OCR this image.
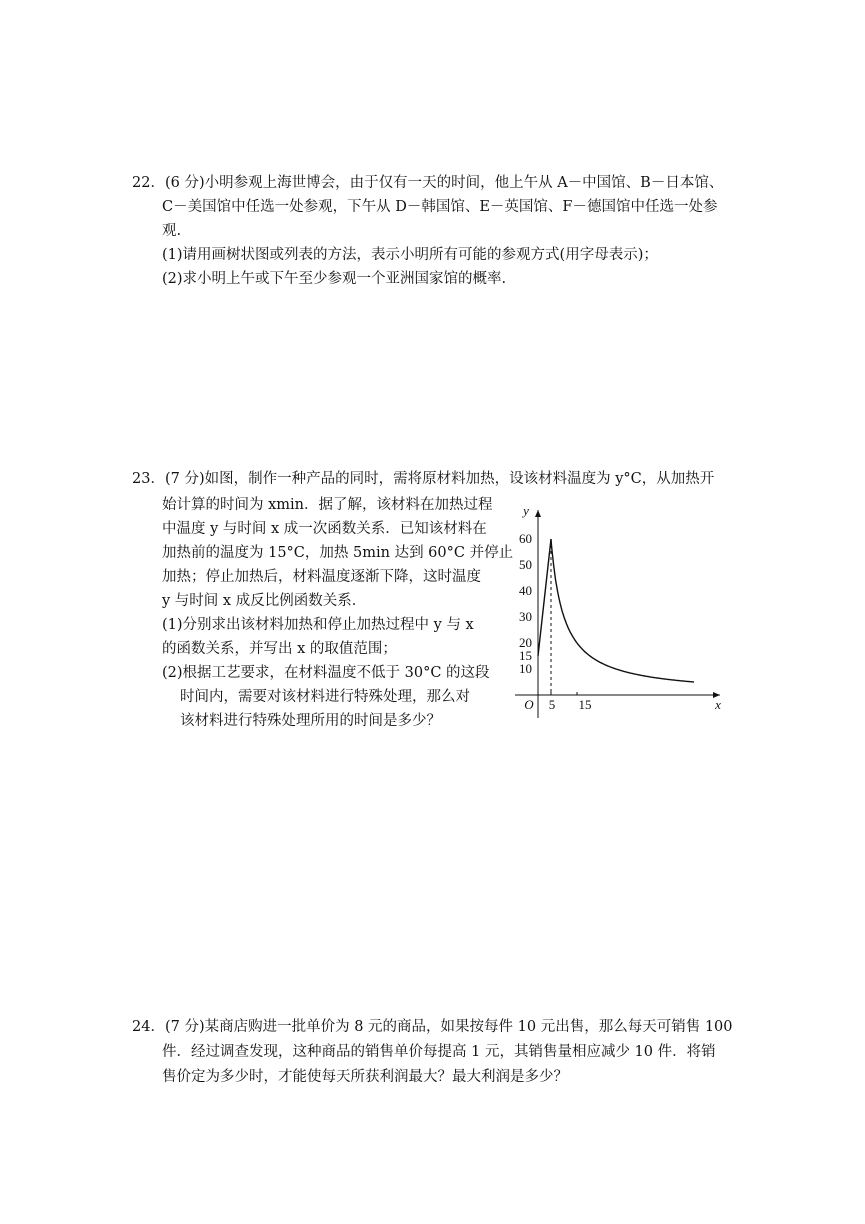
22．(6 分)小明参观上海世博会，由于仅有一天的时间，他上午从 A－中国馆、B－日本馆、
C－美国馆中任选一处参观，下午从 D－韩国馆、E－英国馆、F－德国馆中任选一处参
观.
(1)请用画树状图或列表的方法，表示小明所有可能的参观方式(用字母表示)；
(2)求小明上午或下午至少参观一个亚洲国家馆的概率.
23．(7 分)如图，制作一种产品的同时，需将原材料加热，设该材料温度为 y°C，从加热开
始计算的时间为 xmin．据了解，该材料在加热过程
中温度 y 与时间 x 成一次函数关系．已知该材料在
加热前的温度为 15°C，加热 5min 达到 60°C 并停止
加热；停止加热后，材料温度逐渐下降，这时温度
y 与时间 x 成反比例函数关系．
(1)分别求出该材料加热和停止加热过程中 y 与 x
的函数关系，并写出 x 的取值范围；
(2)根据工艺要求，在材料温度不低于 30°C 的这段
时间内，需要对该材料进行特殊处理，那么对
该材料进行特殊处理所用的时间是多少？
y
x
O
60
50
40
30
20
15
10
5 15
24．(7 分)某商店购进一批单价为 8 元的商品，如果按每件 10 元出售，那么每天可销售 100
件．经过调查发现，这种商品的销售单价每提高 1 元，其销售量相应减少 10 件．将销
售价定为多少时，才能使每天所获利润最大？最大利润是多少？
